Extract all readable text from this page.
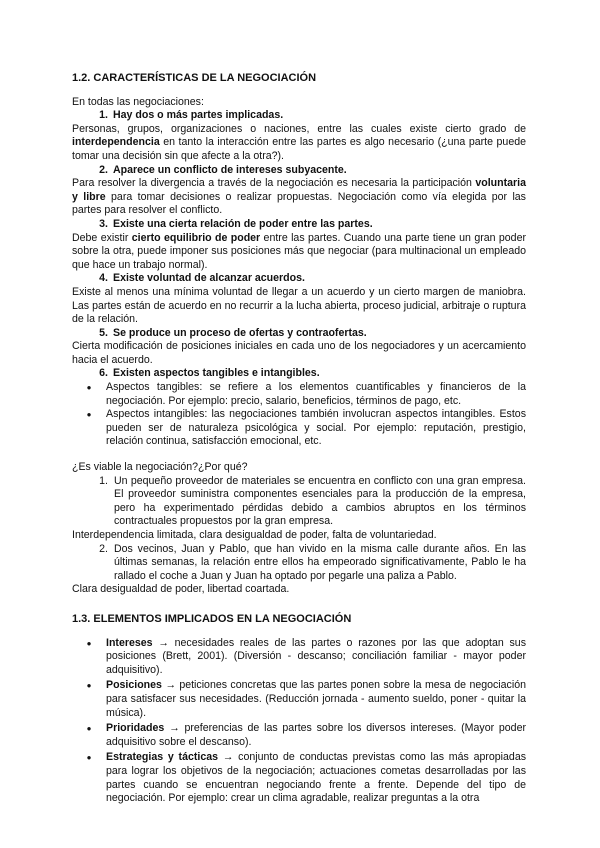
1.2. CARACTERÍSTICAS DE LA NEGOCIACIÓN

En todas las negociaciones:

1. Hay dos o más partes implicadas.

Personas, grupos, organizaciones o naciones, entre las cuales existe cierto grado de interdependencia en tanto la interacción entre las partes es algo necesario (¿una parte puede tomar una decisión sin que afecte a la otra?).

2. Aparece un conflicto de intereses subyacente.

Para resolver la divergencia a través de la negociación es necesaria la participación voluntaria y libre para tomar decisiones o realizar propuestas. Negociación como vía elegida por las partes para resolver el conflicto.

3. Existe una cierta relación de poder entre las partes.

Debe existir cierto equilibrio de poder entre las partes. Cuando una parte tiene un gran poder sobre la otra, puede imponer sus posiciones más que negociar (para multinacional un empleado que hace un trabajo normal).

4. Existe voluntad de alcanzar acuerdos.

Existe al menos una mínima voluntad de llegar a un acuerdo y un cierto margen de maniobra. Las partes están de acuerdo en no recurrir a la lucha abierta, proceso judicial, arbitraje o ruptura de la relación.

5. Se produce un proceso de ofertas y contraofertas.

Cierta modificación de posiciones iniciales en cada uno de los negociadores y un acercamiento hacia el acuerdo.

6. Existen aspectos tangibles e intangibles.
●	Aspectos tangibles: se refiere a los elementos cuantificables y financieros de la negociación. Por ejemplo: precio, salario, beneficios, términos de pago, etc.
●	Aspectos intangibles: las negociaciones también involucran aspectos intangibles. Estos pueden ser de naturaleza psicológica y social. Por ejemplo: reputación, prestigio, relación continua, satisfacción emocional, etc.

¿Es viable la negociación?¿Por qué?

1. Un pequeño proveedor de materiales se encuentra en conflicto con una gran empresa. El proveedor suministra componentes esenciales para la producción de la empresa, pero ha experimentado pérdidas debido a cambios abruptos en los términos contractuales propuestos por la gran empresa.

Interdependencia limitada, clara desigualdad de poder, falta de voluntariedad.

2. Dos vecinos, Juan y Pablo, que han vivido en la misma calle durante años. En las últimas semanas, la relación entre ellos ha empeorado significativamente, Pablo le ha rallado el coche a Juan y Juan ha optado por pegarle una paliza a Pablo.

Clara desigualdad de poder, libertad coartada.

1.3. ELEMENTOS IMPLICADOS EN LA NEGOCIACIÓN
●	Intereses → necesidades reales de las partes o razones por las que adoptan sus posiciones (Brett, 2001). (Diversión - descanso; conciliación familiar - mayor poder adquisitivo).
●	Posiciones → peticiones concretas que las partes ponen sobre la mesa de negociación para satisfacer sus necesidades. (Reducción jornada - aumento sueldo, poner - quitar la música).
●	Prioridades → preferencias de las partes sobre los diversos intereses. (Mayor poder adquisitivo sobre el descanso).
●	Estrategias y tácticas → conjunto de conductas previstas como las más apropiadas para lograr los objetivos de la negociación; actuaciones cometas desarrolladas por las partes cuando se encuentran negociando frente a frente. Depende del tipo de negociación. Por ejemplo: crear un clima agradable, realizar preguntas a la otra
